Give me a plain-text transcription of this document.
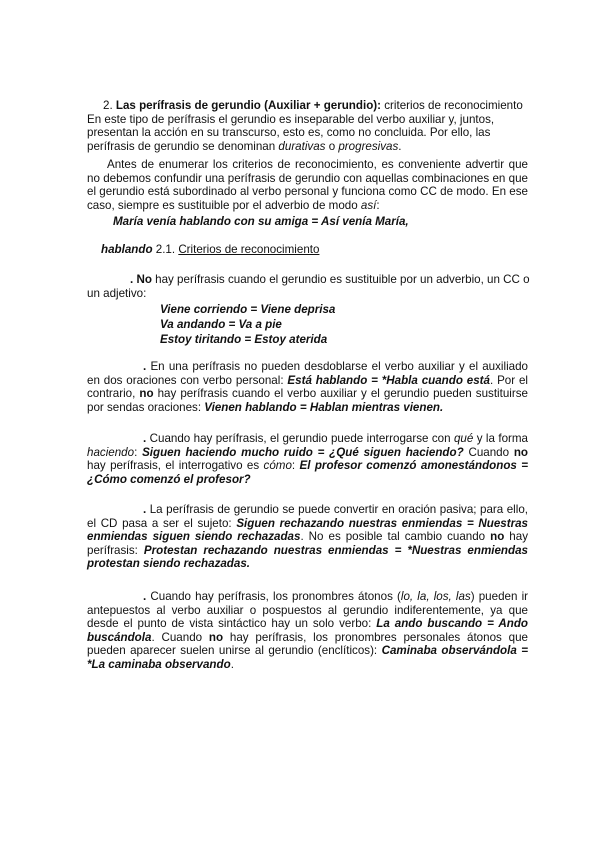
2. Las perífrasis de gerundio (Auxiliar + gerundio): criterios de reconocimiento
En este tipo de perífrasis el gerundio es inseparable del verbo auxiliar y, juntos, presentan la acción en su transcurso, esto es, como no concluida. Por ello, las perífrasis de gerundio se denominan durativas o progresivas.

Antes de enumerar los criterios de reconocimiento, es conveniente advertir que no debemos confundir una perífrasis de gerundio con aquellas combinaciones en que el gerundio está subordinado al verbo personal y funciona como CC de modo. En ese caso, siempre es sustituible por el adverbio de modo así:

María venía hablando con su amiga = Así venía María,

hablando 2.1. Criterios de reconocimiento

. No hay perífrasis cuando el gerundio es sustituible por un adverbio, un CC o un adjetivo:

Viene corriendo = Viene deprisa

Va andando = Va a pie

Estoy tiritando = Estoy aterida

. En una perífrasis no pueden desdoblarse el verbo auxiliar y el auxiliado en dos oraciones con verbo personal: Está hablando = *Habla cuando está. Por el contrario, no hay perífrasis cuando el verbo auxiliar y el gerundio pueden sustituirse por sendas oraciones: Vienen hablando = Hablan mientras vienen.

. Cuando hay perífrasis, el gerundio puede interrogarse con qué y la forma haciendo: Siguen haciendo mucho ruido = ¿Qué siguen haciendo? Cuando no hay perífrasis, el interrogativo es cómo: El profesor comenzó amonestándonos = ¿Cómo comenzó el profesor?

. La perífrasis de gerundio se puede convertir en oración pasiva; para ello, el CD pasa a ser el sujeto: Siguen rechazando nuestras enmiendas = Nuestras enmiendas siguen siendo rechazadas. No es posible tal cambio cuando no hay perífrasis: Protestan rechazando nuestras enmiendas = *Nuestras enmiendas protestan siendo rechazadas.

. Cuando hay perífrasis, los pronombres átonos (lo, la, los, las) pueden ir antepuestos al verbo auxiliar o pospuestos al gerundio indiferentemente, ya que desde el punto de vista sintáctico hay un solo verbo: La ando buscando = Ando buscándola. Cuando no hay perífrasis, los pronombres personales átonos que pueden aparecer suelen unirse al gerundio (enclíticos): Caminaba observándola = *La caminaba observando.
